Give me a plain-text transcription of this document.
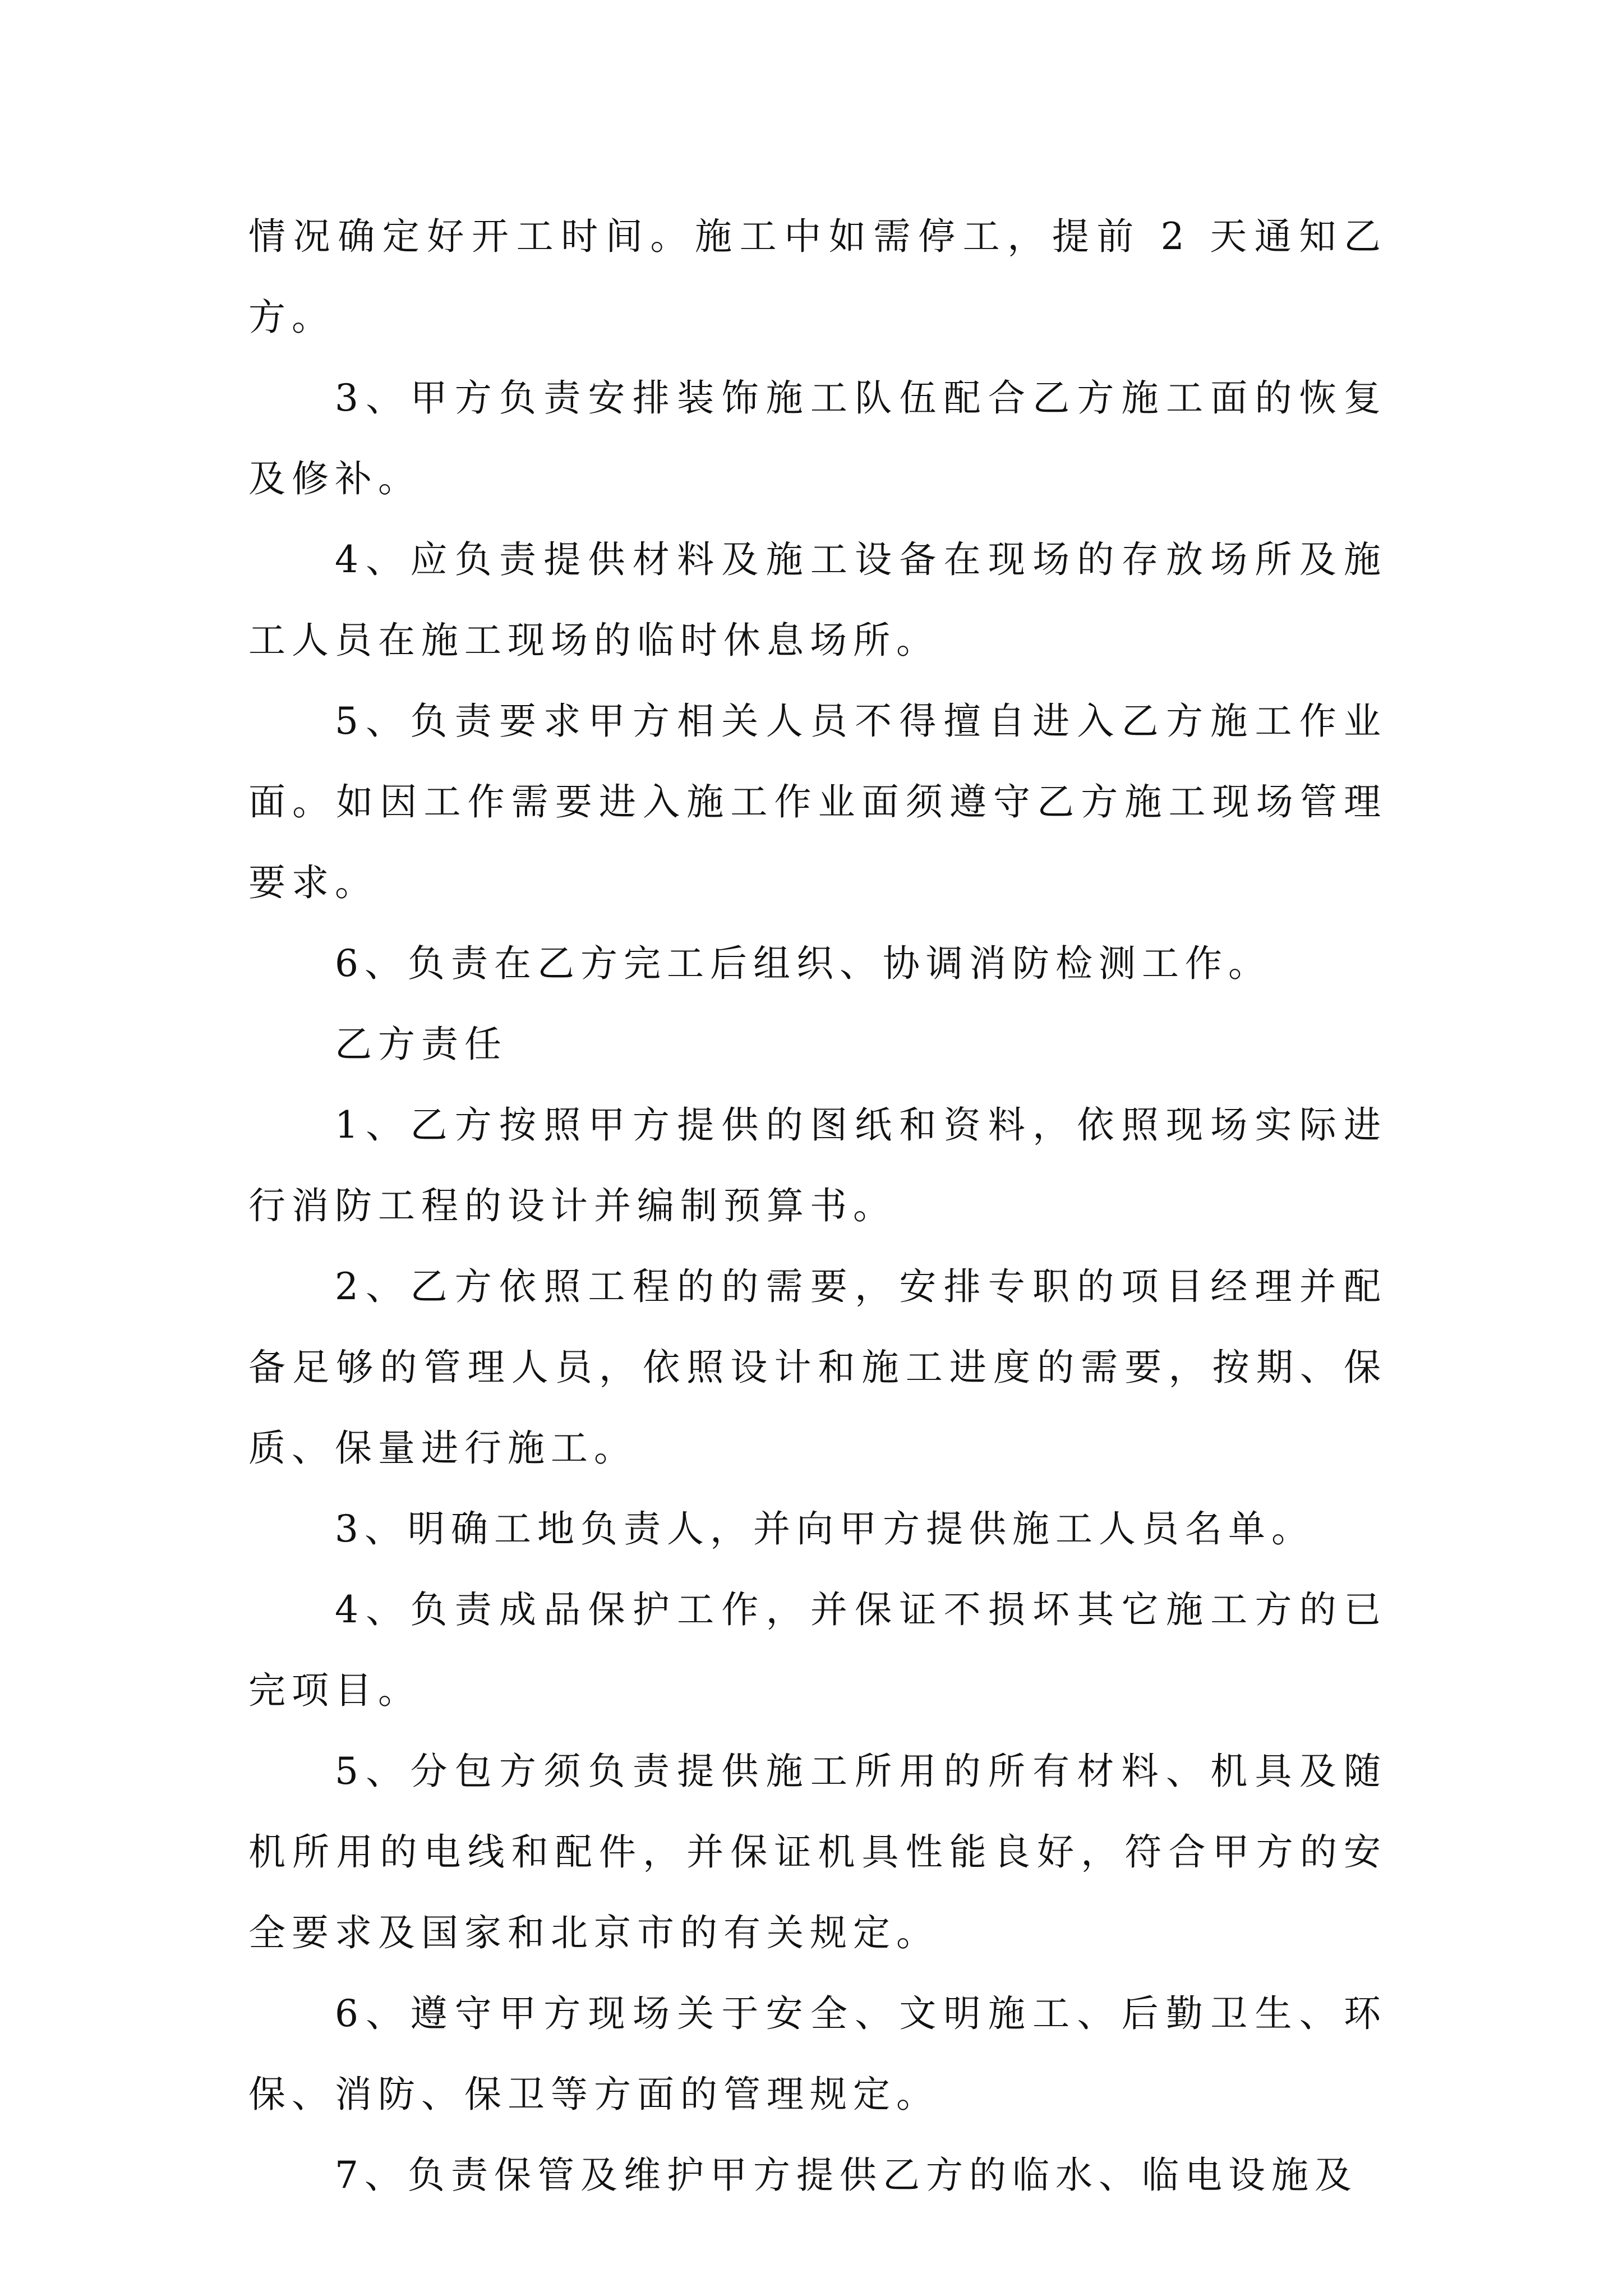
情况确定好开工时间。施工中如需停工，提前 2 天通知乙方。

3、甲方负责安排装饰施工队伍配合乙方施工面的恢复及修补。

4、应负责提供材料及施工设备在现场的存放场所及施工人员在施工现场的临时休息场所。

5、负责要求甲方相关人员不得擅自进入乙方施工作业面。如因工作需要进入施工作业面须遵守乙方施工现场管理要求。

6、负责在乙方完工后组织、协调消防检测工作。

乙方责任

1、乙方按照甲方提供的图纸和资料，依照现场实际进行消防工程的设计并编制预算书。

2、乙方依照工程的的需要，安排专职的项目经理并配备足够的管理人员，依照设计和施工进度的需要，按期、保质、保量进行施工。

3、明确工地负责人，并向甲方提供施工人员名单。

4、负责成品保护工作，并保证不损坏其它施工方的已完项目。

5、分包方须负责提供施工所用的所有材料、机具及随机所用的电线和配件，并保证机具性能良好，符合甲方的安全要求及国家和北京市的有关规定。

6、遵守甲方现场关于安全、文明施工、后勤卫生、环保、消防、保卫等方面的管理规定。

7、负责保管及维护甲方提供乙方的临水、临电设施及
